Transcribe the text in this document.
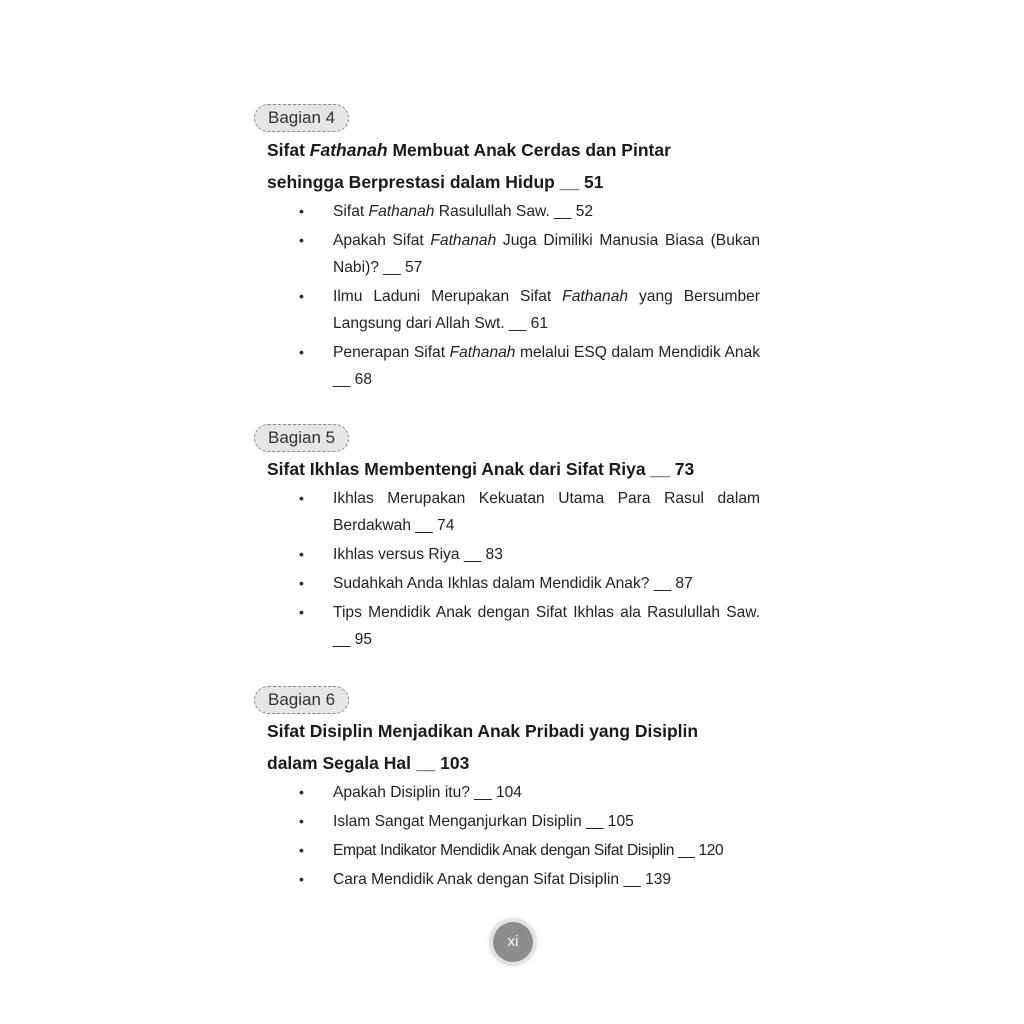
Bagian 4

Sifat Fathanah Membuat Anak Cerdas dan Pintar

sehingga Berprestasi dalam Hidup __ 51

• Sifat Fathanah Rasulullah Saw. __ 52
• Apakah Sifat Fathanah Juga Dimiliki Manusia Biasa (Bukan Nabi)? __ 57
• Ilmu Laduni Merupakan Sifat Fathanah yang Bersumber Langsung dari Allah Swt. __ 61
• Penerapan Sifat Fathanah melalui ESQ dalam Mendidik Anak __ 68
Bagian 5

Sifat Ikhlas Membentengi Anak dari Sifat Riya __ 73

• Ikhlas Merupakan Kekuatan Utama Para Rasul dalam Berdakwah __ 74
• Ikhlas versus Riya __ 83
• Sudahkah Anda Ikhlas dalam Mendidik Anak? __ 87
• Tips Mendidik Anak dengan Sifat Ikhlas ala Rasulullah Saw. __ 95
Bagian 6

Sifat Disiplin Menjadikan Anak Pribadi yang Disiplin

dalam Segala Hal __ 103

• Apakah Disiplin itu? __ 104
• Islam Sangat Menganjurkan Disiplin __ 105
• Empat Indikator Mendidik Anak dengan Sifat Disiplin __ 120
• Cara Mendidik Anak dengan Sifat Disiplin __ 139
xi
